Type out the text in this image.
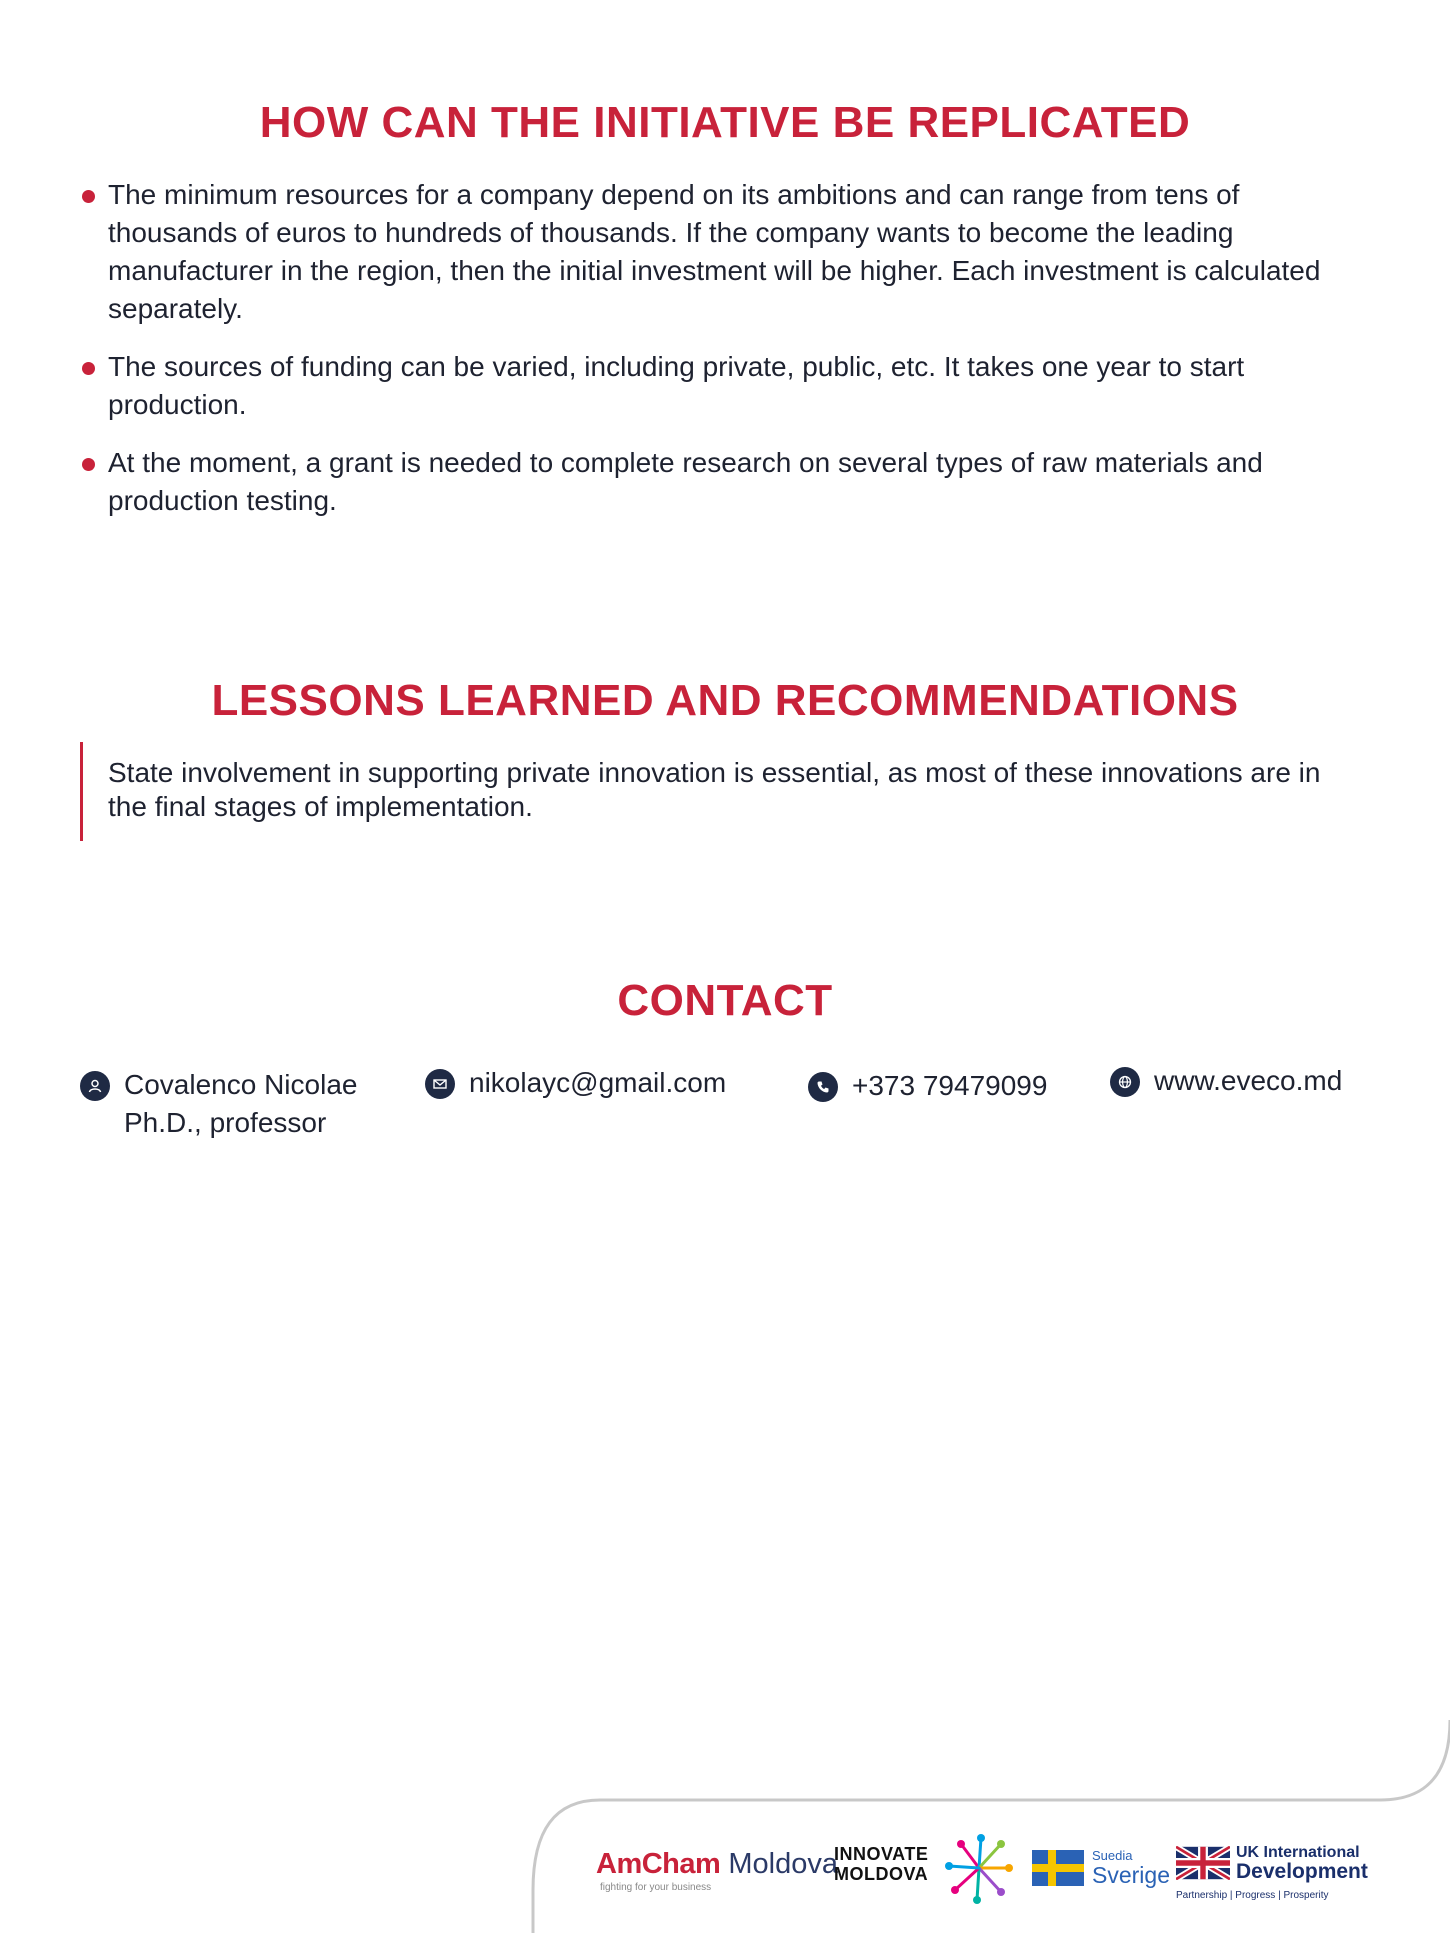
HOW CAN THE INITIATIVE BE REPLICATED
The minimum resources for a company depend on its ambitions and can range from tens of thousands of euros to hundreds of thousands. If the company wants to become the leading manufacturer in the region, then the initial investment will be higher. Each investment is calculated separately.
The sources of funding can be varied, including private, public, etc. It takes one year to start production.
At the moment, a grant is needed to complete research on several types of raw materials and production testing.
LESSONS LEARNED AND RECOMMENDATIONS
State involvement in supporting private innovation is essential, as most of these innovations are in the final stages of implementation.
CONTACT
Covalenco Nicolae
Ph.D., professor
nikolayc@gmail.com	+373 79479099	www.eveco.md
AmCham Moldova
fighting for your business
INNOVATE
MOLDOVA
Suedia
Sverige
UK International
Development
Partnership | Progress | Prosperity
